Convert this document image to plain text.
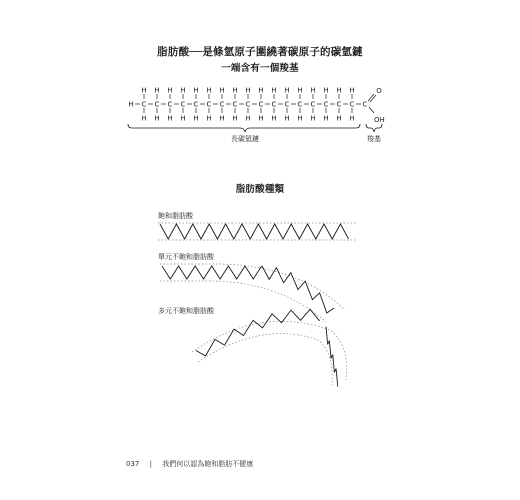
脂肪酸──是條氫原子圍繞著碳原子的碳氫鏈
一端含有一個羧基
H C
H
H
C
H
H
C
H
H
C
H
H
C
H
H
C
H
H
C
H
H
C
H
H
C
H
H
C
H
H
C
H
H
C
H
H
C
H
H
C
H
H
C
H
H
C
H
H
C
H
H
C
O
OH
長碳氫鏈	羧基
飽和脂肪酸
單元不飽和脂肪酸
多元不飽和脂肪酸
脂肪酸種類
037 | 我們何以認為飽和脂肪不健康
